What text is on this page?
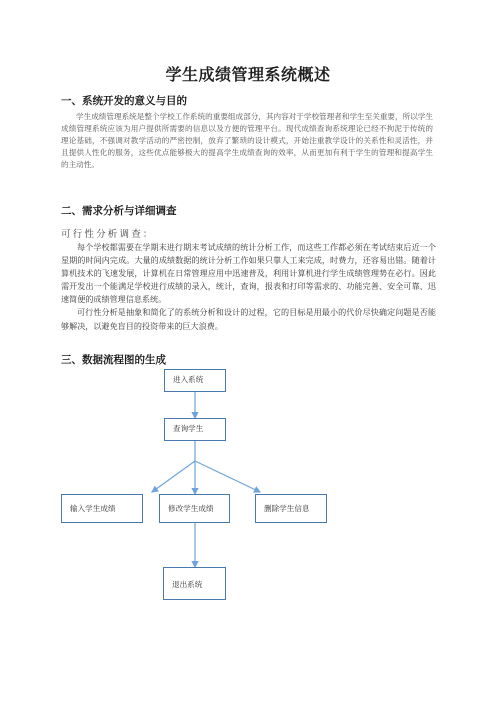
学生成绩管理系统概述
一、系统开发的意义与目的

学生成绩管理系统是整个学校工作系统的重要组成部分，其内容对于学校管理者和学生至关重要，所以学生成绩管理系统应该为用户提供所需要的信息以及方便的管理平台。现代成绩查询系统理论已经不拘泥于传统的理论基础，不强调对教学活动的严密控制，放弃了繁琐的设计模式，开始注重教学设计的关系性和灵活性，并且提供人性化的服务，这些优点能够极大的提高学生成绩查询的效率，从而更加有利于学生的管理和提高学生的主动性。

二、需求分析与详细调查
可行性分析调查：

每个学校都需要在学期末进行期末考试成绩的统计分析工作，而这些工作都必须在考试结束后近一个星期的时间内完成。大量的成绩数据的统计分析工作如果只靠人工来完成，时费力，还容易出错。随着计算机技术的飞速发展，计算机在日常管理应用中迅速普及，利用计算机进行学生成绩管理势在必行。因此需开发出一个能满足学校进行成绩的录入，统计，查询，报表和打印等需求的、功能完善、安全可靠、迅速简便的成绩管理信息系统。

可行性分析是抽象和简化了的系统分析和设计的过程，它的目标是用最小的代价尽快确定问题是否能够解决，以避免盲目的投资带来的巨大浪费。

三、数据流程图的生成
进入系统
查询学生
输入学生成绩	修改学生成绩	删除学生信息
退出系统
